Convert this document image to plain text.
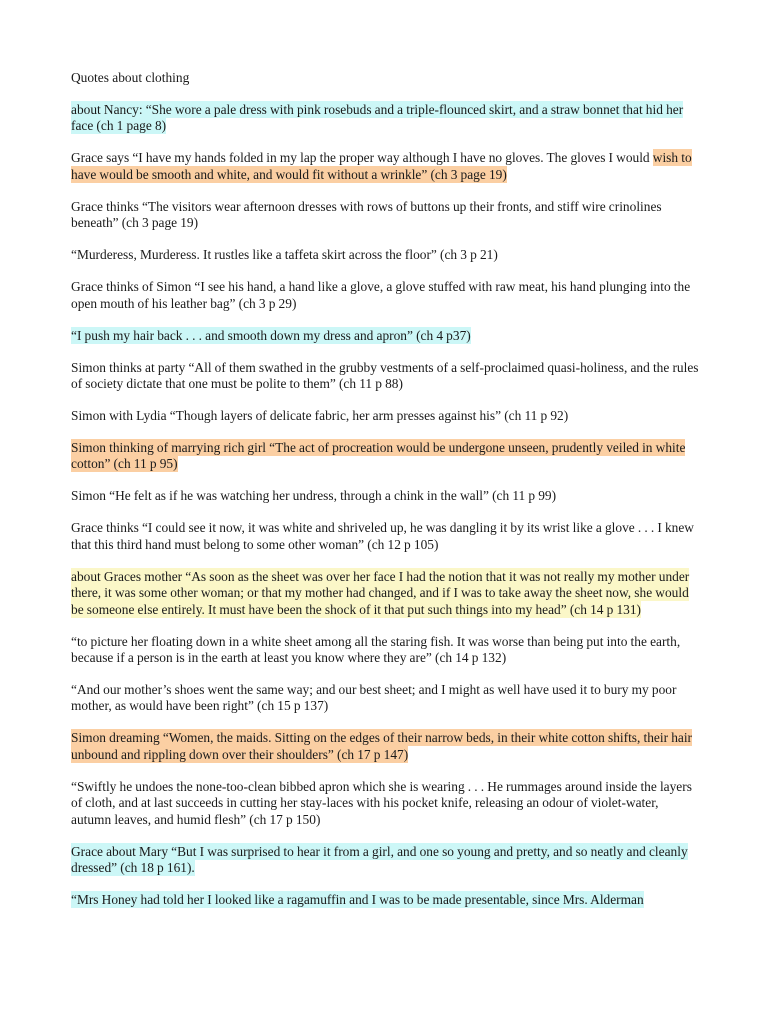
Quotes about clothing

about Nancy: “She wore a pale dress with pink rosebuds and a triple-flounced skirt, and a straw bonnet that hid her face (ch 1 page 8)

Grace says “I have my hands folded in my lap the proper way although I have no gloves. The gloves I would wish to have would be smooth and white, and would fit without a wrinkle” (ch 3 page 19)

Grace thinks “The visitors wear afternoon dresses with rows of buttons up their fronts, and stiff wire crinolines beneath” (ch 3 page 19)

“Murderess, Murderess. It rustles like a taffeta skirt across the floor” (ch 3 p 21)

Grace thinks of Simon “I see his hand, a hand like a glove, a glove stuffed with raw meat, his hand plunging into the open mouth of his leather bag” (ch 3 p 29)

“I push my hair back . . . and smooth down my dress and apron” (ch 4 p37)

Simon thinks at party “All of them swathed in the grubby vestments of a self-proclaimed quasi-holiness, and the rules of society dictate that one must be polite to them” (ch 11 p 88)

Simon with Lydia “Though layers of delicate fabric, her arm presses against his” (ch 11 p 92)

Simon thinking of marrying rich girl “The act of procreation would be undergone unseen, prudently veiled in white cotton” (ch 11 p 95)

Simon “He felt as if he was watching her undress, through a chink in the wall” (ch 11 p 99)

Grace thinks “I could see it now, it was white and shriveled up, he was dangling it by its wrist like a glove . . . I knew that this third hand must belong to some other woman” (ch 12 p 105)

about Graces mother “As soon as the sheet was over her face I had the notion that it was not really my mother under there, it was some other woman; or that my mother had changed, and if I was to take away the sheet now, she would be someone else entirely. It must have been the shock of it that put such things into my head” (ch 14 p 131)

“to picture her floating down in a white sheet among all the staring fish. It was worse than being put into the earth, because if a person is in the earth at least you know where they are” (ch 14 p 132)

“And our mother’s shoes went the same way; and our best sheet; and I might as well have used it to bury my poor mother, as would have been right” (ch 15 p 137)

Simon dreaming “Women, the maids. Sitting on the edges of their narrow beds, in their white cotton shifts, their hair unbound and rippling down over their shoulders” (ch 17 p 147)

“Swiftly he undoes the none-too-clean bibbed apron which she is wearing . . . He rummages around inside the layers of cloth, and at last succeeds in cutting her stay-laces with his pocket knife, releasing an odour of violet-water, autumn leaves, and humid flesh” (ch 17 p 150)

Grace about Mary “But I was surprised to hear it from a girl, and one so young and pretty, and so neatly and cleanly dressed” (ch 18 p 161).

“Mrs Honey had told her I looked like a ragamuffin and I was to be made presentable, since Mrs. Alderman
